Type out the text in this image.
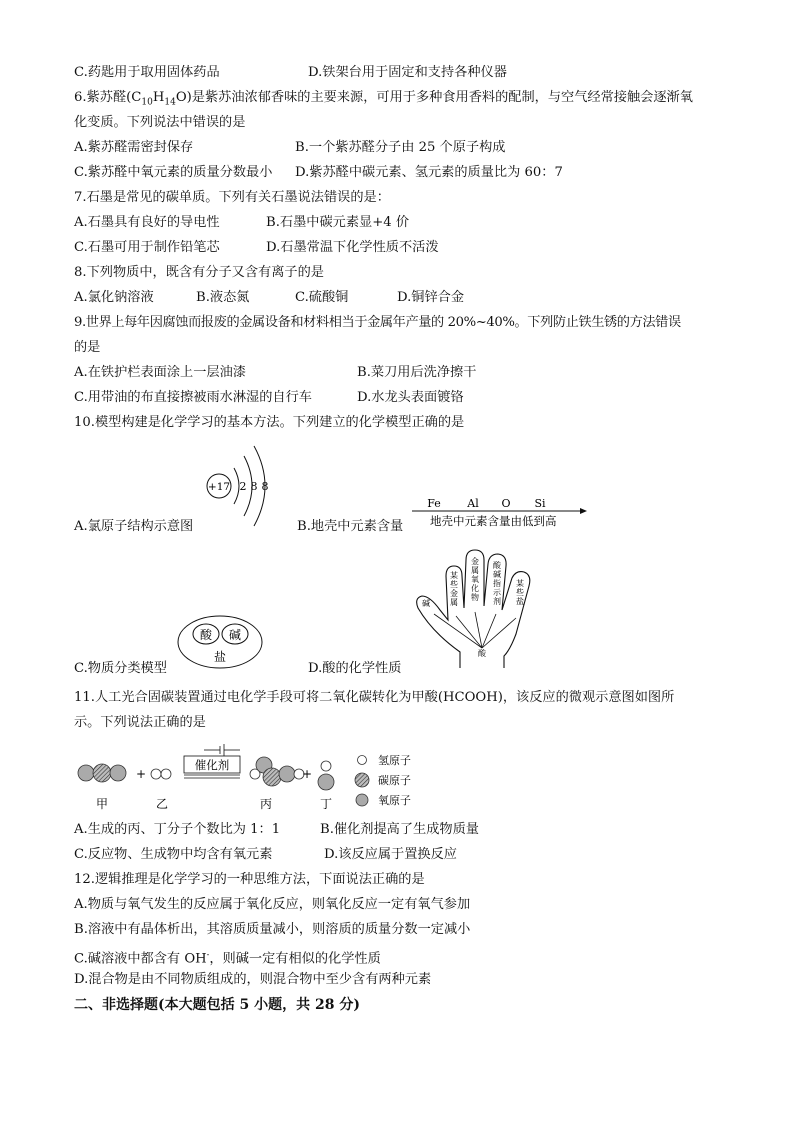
C.药匙用于取用固体药品	D.铁架台用于固定和支持各种仪器
6.紫苏醛$(C_{10}H_{14}O)$是紫苏油浓郁香味的主要来源，可用于多种食用香料的配制，与空气经常接触会逐渐氧
化变质。下列说法中错误的是
A.紫苏醛需密封保存	B.一个紫苏醛分子由 25 个原子构成
C.紫苏醛中氧元素的质量分数最小 D.紫苏醛中碳元素、氢元素的质量比为 60：7
7.石墨是常见的碳单质。下列有关石墨说法错误的是：
A.石墨具有良好的导电性	B.石墨中碳元素显+4 价
C.石墨可用于制作铅笔芯	D.石墨常温下化学性质不活泼
8.下列物质中，既含有分子又含有离子的是
A.氯化钠溶液	B.液态氮	C.硫酸铜	D.铜锌合金
9.世界上每年因腐蚀而报废的金属设备和材料相当于金属年产量的 20%~40%。下列防止铁生锈的方法错误
的是
A.在铁护栏表面涂上一层油漆	B.菜刀用后洗净擦干
C.用带油的布直接擦被雨水淋湿的自行车	D.水龙头表面镀铬
10.模型构建是化学学习的基本方法。下列建立的化学模型正确的是
+17 2 8 8
A.氯原子结构示意图
Fe Al O Si
地壳中元素含量由低到高
B.地壳中元素含量
酸 碱
盐
C.物质分类模型
某些金属
金属氧化物
酸碱指示剂
某些盐
碱
酸
D.酸的化学性质
11.人工光合固碳装置通过电化学手段可将二氧化碳转化为甲酸(HCOOH)，该反应的微观示意图如图所
示。下列说法正确的是
+
催化剂
+
甲	乙	丙	丁
氢原子
碳原子
氧原子
A.生成的丙、丁分子个数比为 1：1	B.催化剂提高了生成物质量
C.反应物、生成物中均含有氧元素	D.该反应属于置换反应
12.逻辑推理是化学学习的一种思维方法，下面说法正确的是
A.物质与氧气发生的反应属于氧化反应，则氧化反应一定有氧气参加
B.溶液中有晶体析出，其溶质质量减小，则溶质的质量分数一定减小
C.碱溶液中都含有 OH-，则碱一定有相似的化学性质
D.混合物是由不同物质组成的，则混合物中至少含有两种元素
二、非选择题(本大题包括 5 小题，共 28 分)
